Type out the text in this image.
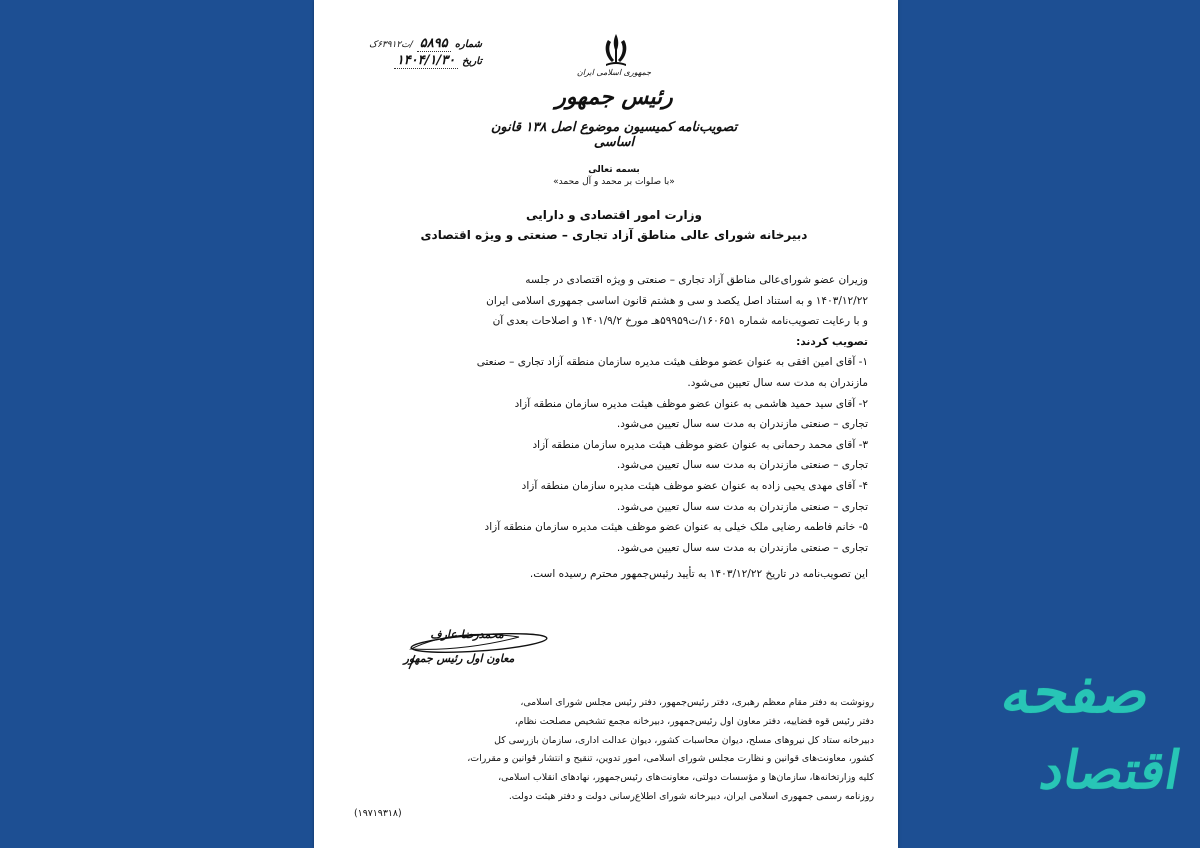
شماره
۵۸۹۵
/ت۶۳۹۱۲ک
تاریخ
۱۴۰۴/۱/۳۰
جمهوری اسلامی ایران
رئیس جمهور
تصویب‌نامه کمیسیون موضوع اصل ۱۳۸ قانون اساسی
بسمه تعالی
«با صلوات بر محمد و آل محمد»
وزارت امور اقتصادی و دارایی
دبیرخانه شورای عالی مناطق آزاد تجاری – صنعتی و ویژه اقتصادی

وزیران عضو شورای‌عالی مناطق آزاد تجاری – صنعتی و ویژه اقتصادی در جلسه

۱۴۰۳/۱۲/۲۲ و به استناد اصل یکصد و سی و هشتم قانون اساسی جمهوری اسلامی ایران

و با رعایت تصویب‌نامه شماره ۱۶۰۶۵۱/ت۵۹۹۵۹هـ مورخ ۱۴۰۱/۹/۲ و اصلاحات بعدی آن

تصویب کردند:

۱- آقای امین افقی به عنوان عضو موظف هیئت مدیره سازمان منطقه آزاد تجاری – صنعتی

مازندران به مدت سه سال تعیین می‌شود.

۲- آقای سید حمید هاشمی به عنوان عضو موظف هیئت مدیره سازمان منطقه آزاد

تجاری – صنعتی مازندران به مدت سه سال تعیین می‌شود.

۳- آقای محمد رحمانی به عنوان عضو موظف هیئت مدیره سازمان منطقه آزاد

تجاری – صنعتی مازندران به مدت سه سال تعیین می‌شود.

۴- آقای مهدی یحیی زاده به عنوان عضو موظف هیئت مدیره سازمان منطقه آزاد

تجاری – صنعتی مازندران به مدت سه سال تعیین می‌شود.

۵- خانم فاطمه رضایی ملک خیلی به عنوان عضو موظف هیئت مدیره سازمان منطقه آزاد

تجاری – صنعتی مازندران به مدت سه سال تعیین می‌شود.

این تصویب‌نامه در تاریخ ۱۴۰۳/۱۲/۲۲ به تأیید رئیس‌جمهور محترم رسیده است.
محمدرضا عارف
معاون اول رئیس جمهور

رونوشت به دفتر مقام معظم رهبری، دفتر رئیس‌جمهور، دفتر رئیس مجلس شورای اسلامی،

دفتر رئیس قوه قضاییه، دفتر معاون اول رئیس‌جمهور، دبیرخانه مجمع تشخیص مصلحت نظام،

دبیرخانه ستاد کل نیروهای مسلح، دیوان محاسبات کشور، دیوان عدالت اداری، سازمان بازرسی کل

کشور، معاونت‌های قوانین و نظارت مجلس شورای اسلامی، امور تدوین، تنقیح و انتشار قوانین و مقررات،

کلیه وزارتخانه‌ها، سازمان‌ها و مؤسسات دولتی، معاونت‌های رئیس‌جمهور، نهادهای انقلاب اسلامی،

روزنامه رسمی جمهوری اسلامی ایران، دبیرخانه شورای اطلاع‌رسانی دولت و دفتر هیئت دولت.

(۱۹۷۱۹۳۱۸)
صفحه
اقتصاد
